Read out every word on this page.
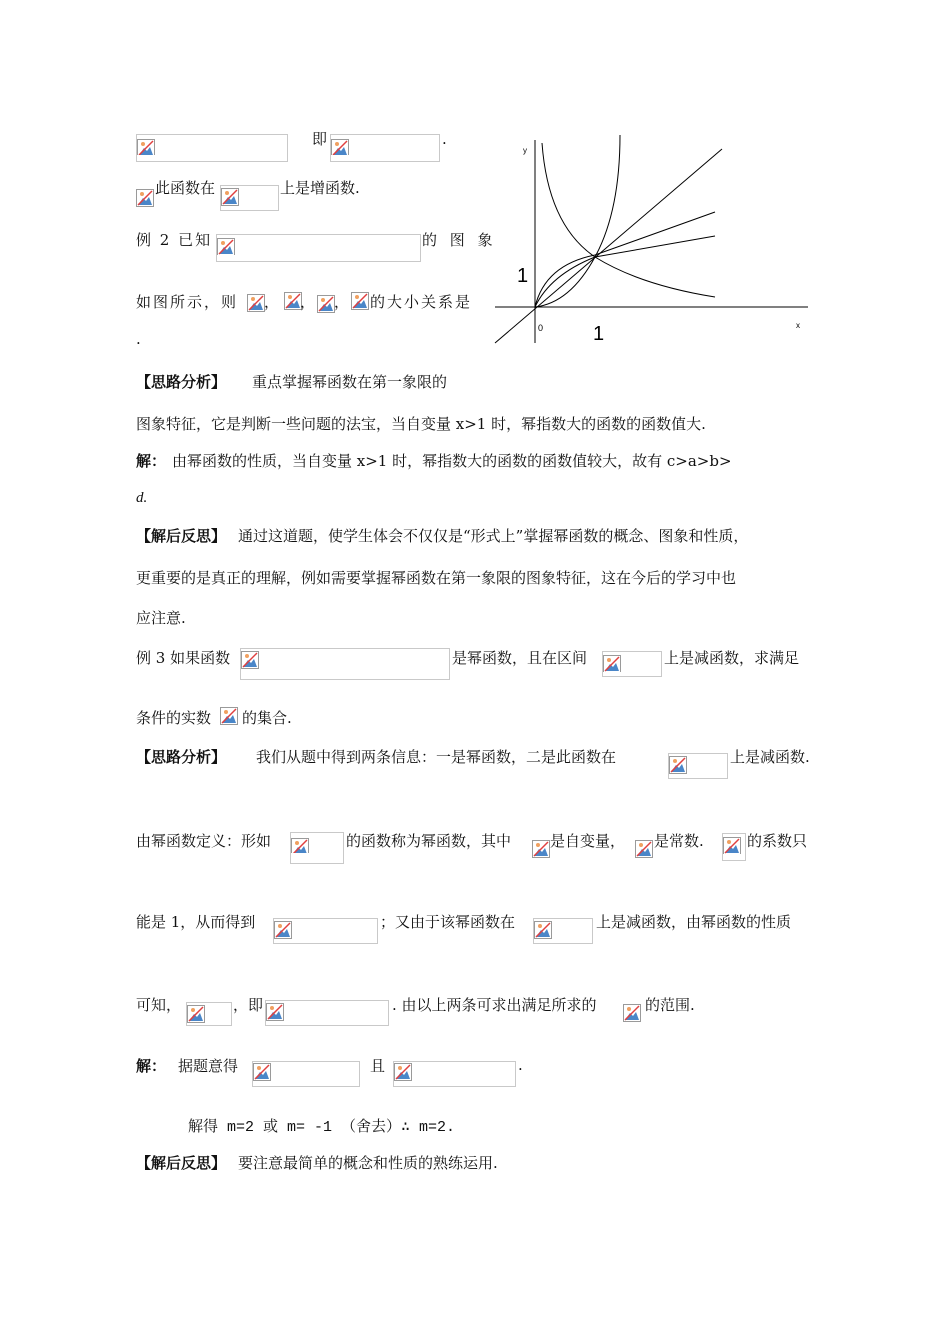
即	.
此函数在	上是增函数.
例 2 已知	的 图 象
如图所示，则 ， ， ， 的大小关系是
.
y
x
0
1
1
【思路分析】 重点掌握幂函数在第一象限的
图象特征，它是判断一些问题的法宝，当自变量 x>1 时，幂指数大的函数的函数值大.
解： 由幂函数的性质，当自变量 x>1 时，幂指数大的函数的函数值较大，故有 c>a>b>
d.
【解后反思】 通过这道题，使学生体会不仅仅是“形式上”掌握幂函数的概念、图象和性质，
更重要的是真正的理解，例如需要掌握幂函数在第一象限的图象特征，这在今后的学习中也
应注意.
例 3 如果函数	是幂函数，且在区间	上是减函数，求满足
条件的实数 的集合.
【思路分析】 我们从题中得到两条信息：一是幂函数，二是此函数在	上是减函数.
由幂函数定义：形如	的函数称为幂函数，其中	是自变量， 是常数.	的系数只
能是 1，从而得到	；又由于该幂函数在	上是减函数，由幂函数的性质
可知，	，即	. 由以上两条可求出满足所求的	的范围.
解： 据题意得	且	.
解得 m=2 或 m= -1 （舍去）∴ m=2.
【解后反思】 要注意最简单的概念和性质的熟练运用.
